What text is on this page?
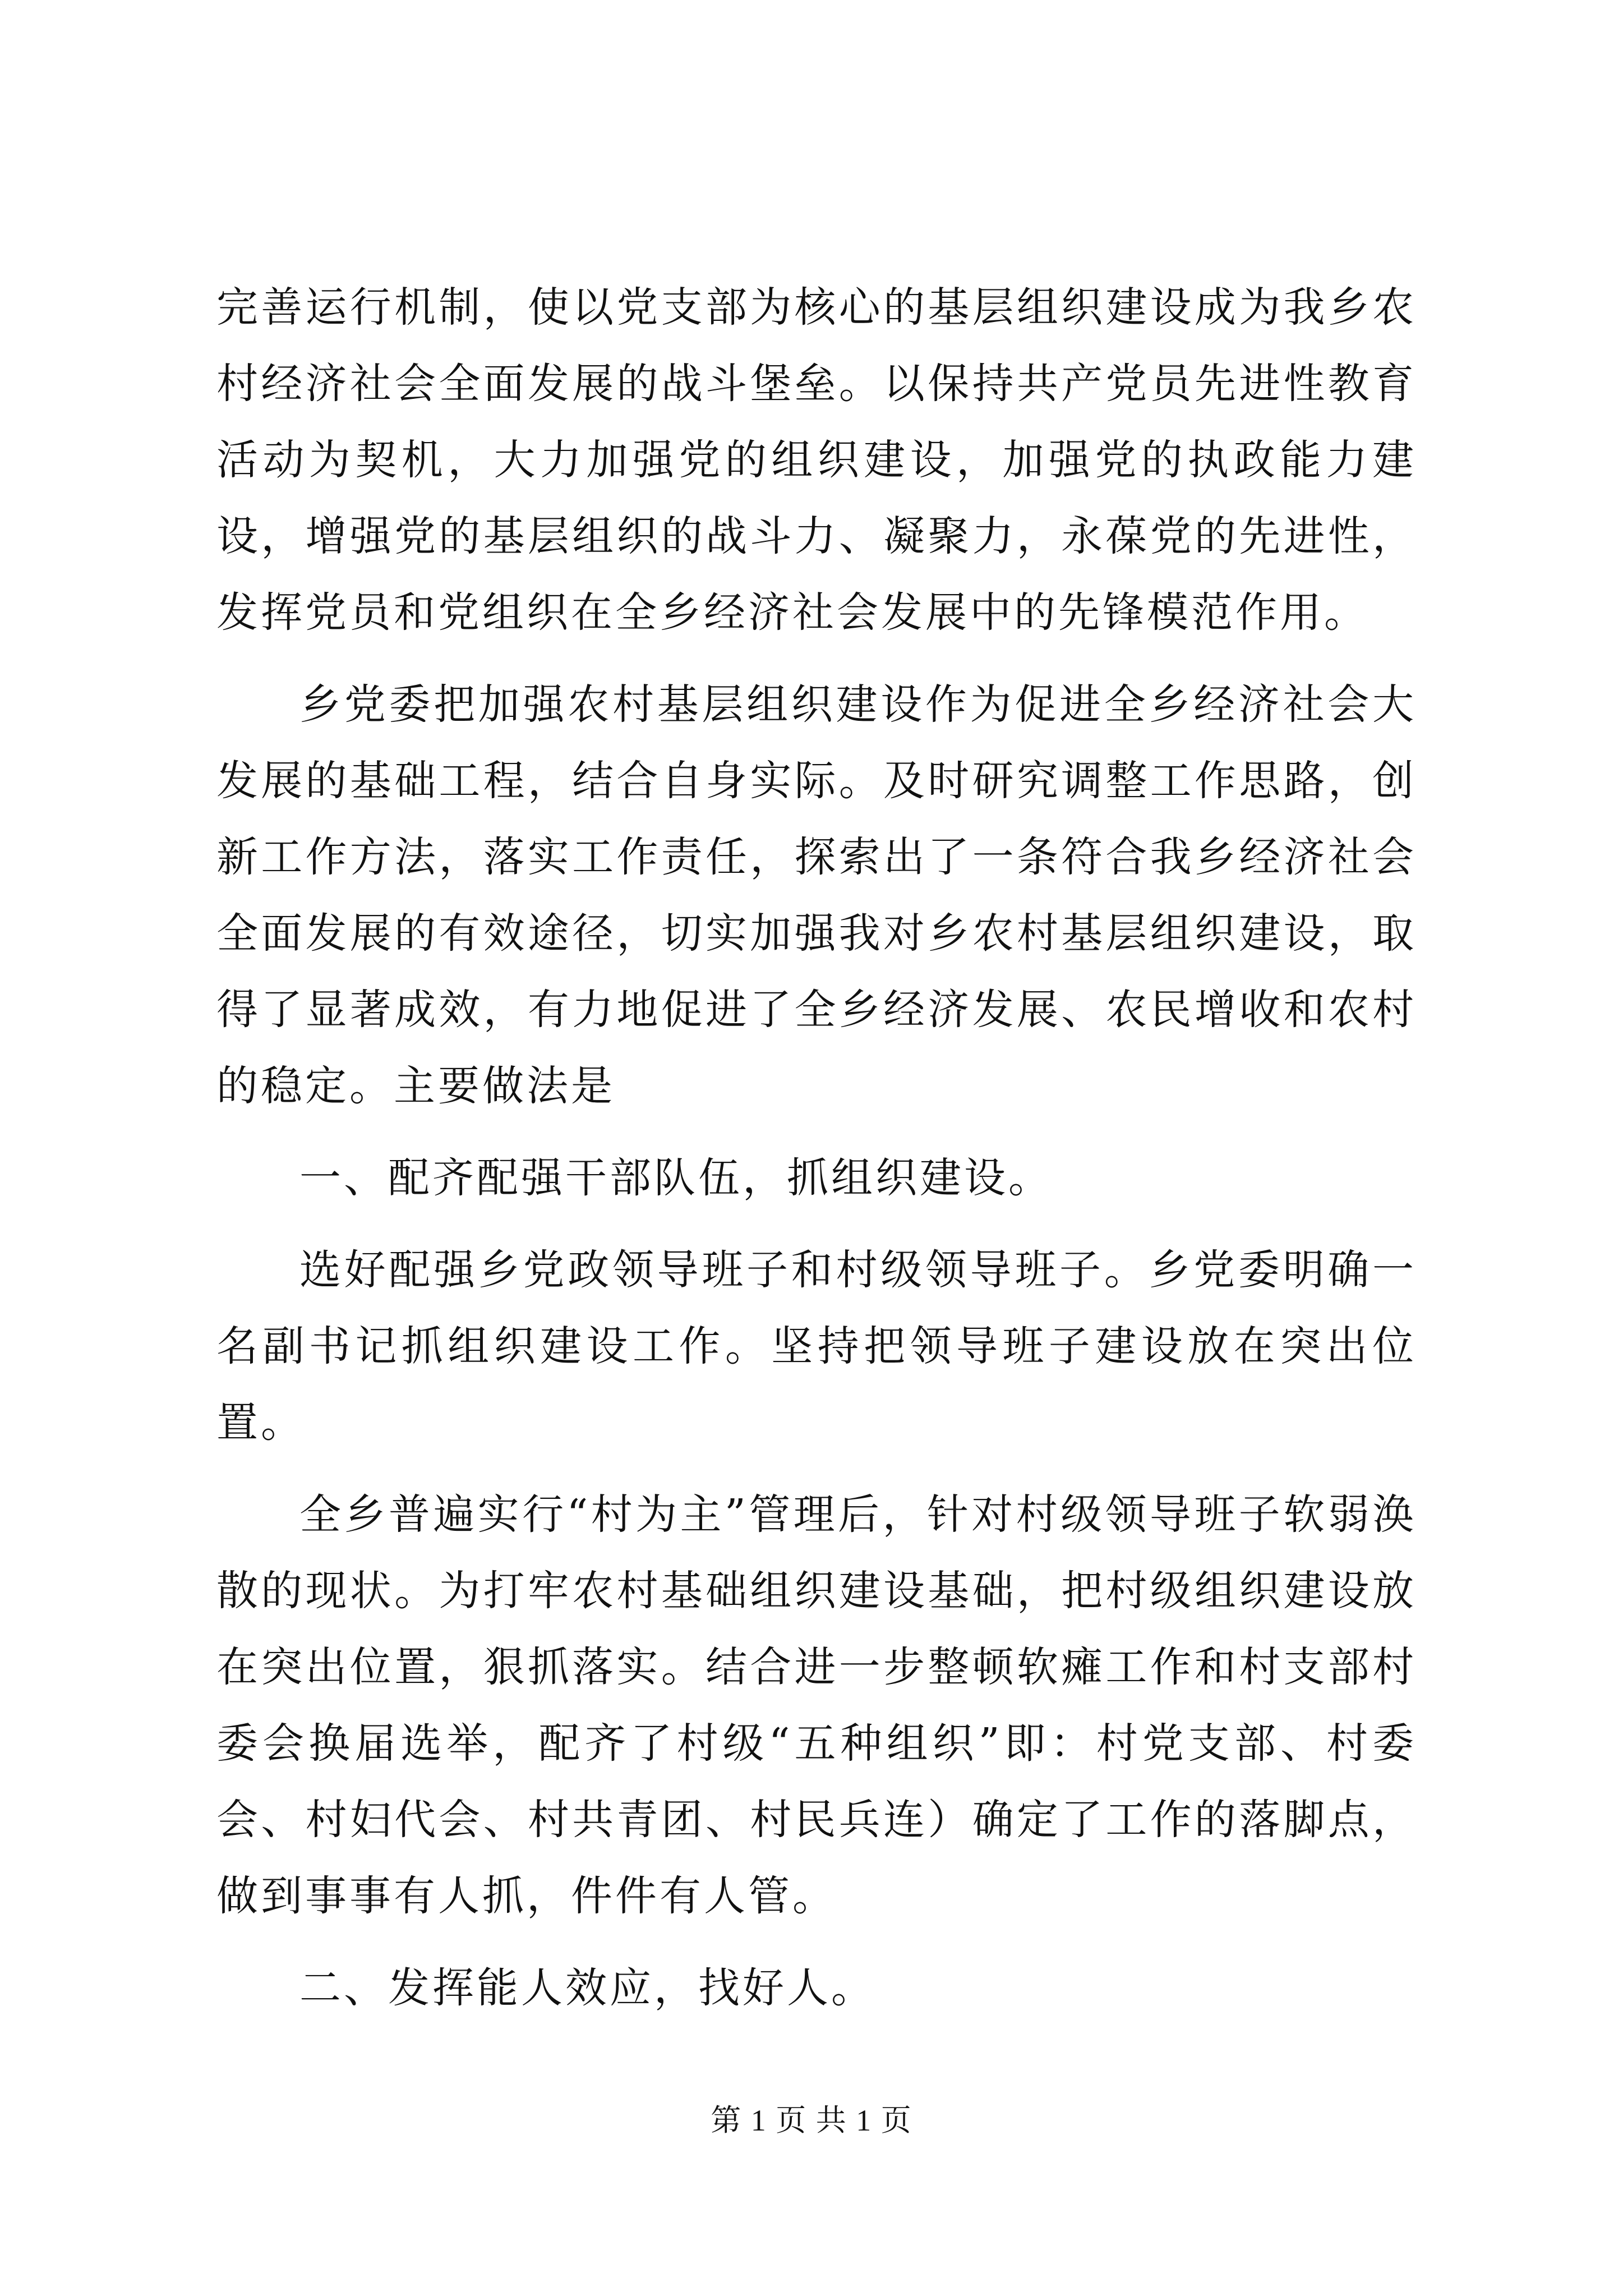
完善运行机制，使以党支部为核心的基层组织建设成为我乡农村经济社会全面发展的战斗堡垒。以保持共产党员先进性教育活动为契机，大力加强党的组织建设，加强党的执政能力建设，增强党的基层组织的战斗力、凝聚力，永葆党的先进性，发挥党员和党组织在全乡经济社会发展中的先锋模范作用。

乡党委把加强农村基层组织建设作为促进全乡经济社会大发展的基础工程，结合自身实际。及时研究调整工作思路，创新工作方法，落实工作责任，探索出了一条符合我乡经济社会全面发展的有效途径，切实加强我对乡农村基层组织建设，取得了显著成效，有力地促进了全乡经济发展、农民增收和农村的稳定。主要做法是

一、配齐配强干部队伍，抓组织建设。

选好配强乡党政领导班子和村级领导班子。乡党委明确一名副书记抓组织建设工作。坚持把领导班子建设放在突出位置。

全乡普遍实行“村为主”管理后，针对村级领导班子软弱涣散的现状。为打牢农村基础组织建设基础，把村级组织建设放在突出位置，狠抓落实。结合进一步整顿软瘫工作和村支部村委会换届选举，配齐了村级“五种组织”即：村党支部、村委会、村妇代会、村共青团、村民兵连）确定了工作的落脚点，做到事事有人抓，件件有人管。

二、发挥能人效应，找好人。

第 1 页 共 1 页
